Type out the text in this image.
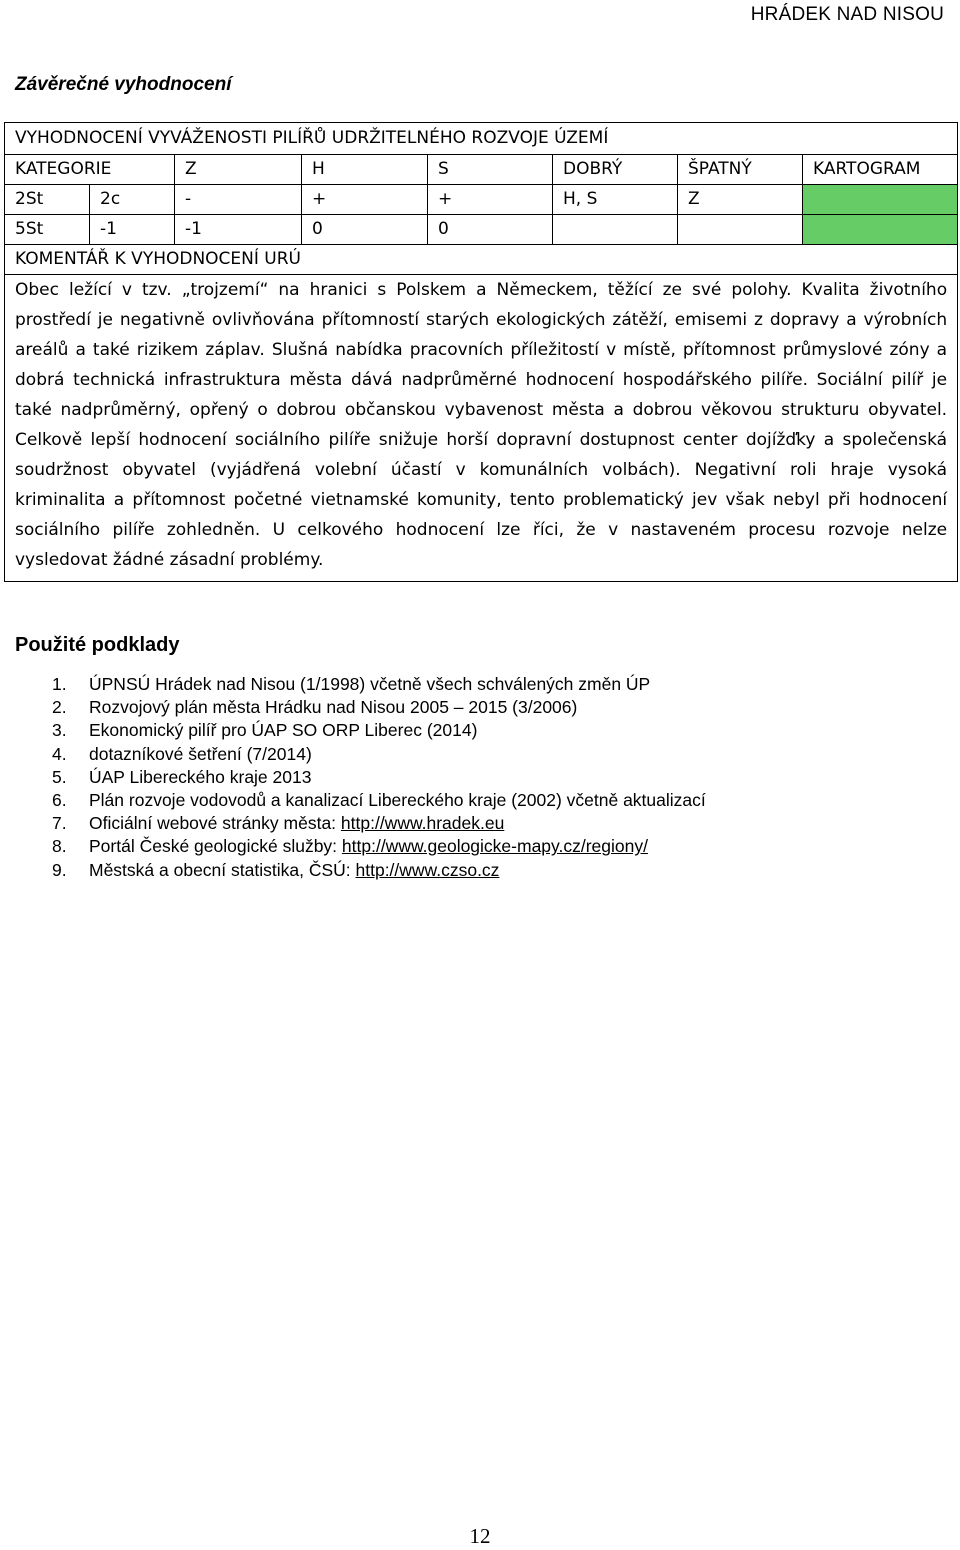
HRÁDEK NAD NISOU
Závěrečné vyhodnocení
VYHODNOCENÍ VYVÁŽENOSTI PILÍŘŮ UDRŽITELNÉHO ROZVOJE ÚZEMÍ							
KATEGORIE		Z	H	S	DOBRÝ	ŠPATNÝ	KARTOGRAM
2St	2c	-	+	+	H, S	Z	
5St	-1	-1	0	0			
KOMENTÁŘ K VYHODNOCENÍ URÚ							
Obec ležící v tzv. „trojzemí“ na hranici s Polskem a Německem, těžící ze své polohy. Kvalita životního prostředí je negativně ovlivňována přítomností starých ekologických zátěží, emisemi z dopravy a výrobních areálů a také rizikem záplav. Slušná nabídka pracovních příležitostí v místě, přítomnost průmyslové zóny a dobrá technická infrastruktura města dává nadprůměrné hodnocení hospodářského pilíře. Sociální pilíř je také nadprůměrný, opřený o dobrou občanskou vybavenost města a dobrou věkovou strukturu obyvatel. Celkově lepší hodnocení sociálního pilíře snižuje horší dopravní dostupnost center dojížďky a společenská soudržnost obyvatel (vyjádřená volební účastí v komunálních volbách). Negativní roli hraje vysoká kriminalita a přítomnost početné vietnamské komunity, tento problematický jev však nebyl při hodnocení sociálního pilíře zohledněn. U celkového hodnocení lze říci, že v nastaveném procesu rozvoje nelze vysledovat žádné zásadní problémy.							
Použité podklady
1. ÚPNSÚ Hrádek nad Nisou (1/1998) včetně všech schválených změn ÚP
2. Rozvojový plán města Hrádku nad Nisou 2005 – 2015 (3/2006)
3. Ekonomický pilíř pro ÚAP SO ORP Liberec (2014)
4. dotazníkové šetření (7/2014)
5. ÚAP Libereckého kraje 2013
6. Plán rozvoje vodovodů a kanalizací Libereckého kraje (2002) včetně aktualizací
7. Oficiální webové stránky města: http://www.hradek.eu
8. Portál České geologické služby: http://www.geologicke-mapy.cz/regiony/
9. Městská a obecní statistika, ČSÚ: http://www.czso.cz
12
